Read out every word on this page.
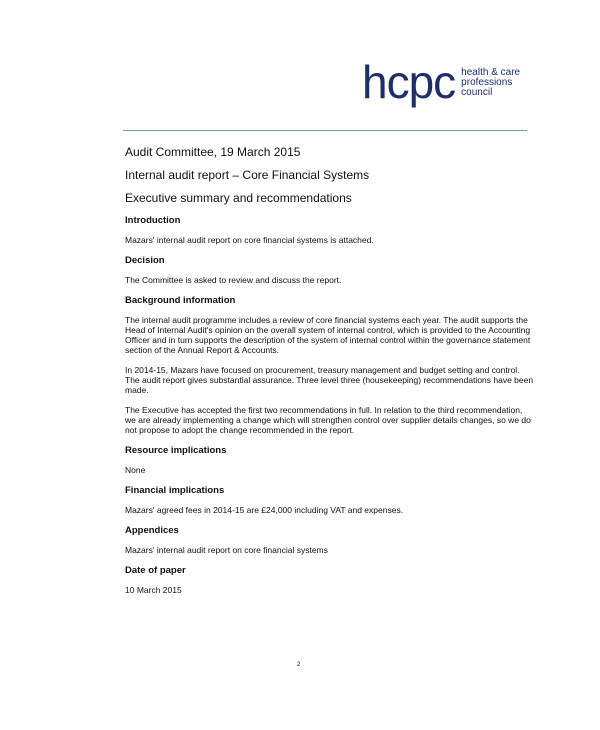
hcpc health & care
professions
council

Audit Committee, 19 March 2015

Internal audit report – Core Financial Systems

Executive summary and recommendations

Introduction

Mazars' internal audit report on core financial systems is attached.

Decision

The Committee is asked to review and discuss the report.

Background information

The internal audit programme includes a review of core financial systems each year. The audit supports the Head of Internal Audit's opinion on the overall system of internal control, which is provided to the Accounting Officer and in turn supports the description of the system of internal control within the governance statement section of the Annual Report & Accounts.

In 2014-15, Mazars have focused on procurement, treasury management and budget setting and control. The audit report gives substantial assurance. Three level three (housekeeping) recommendations have been made.

The Executive has accepted the first two recommendations in full. In relation to the third recommendation, we are already implementing a change which will strengthen control over supplier details changes, so we do not propose to adopt the change recommended in the report.

Resource implications

None

Financial implications

Mazars' agreed fees in 2014-15 are £24,000 including VAT and expenses.

Appendices

Mazars' internal audit report on core financial systems

Date of paper

10 March 2015

2
